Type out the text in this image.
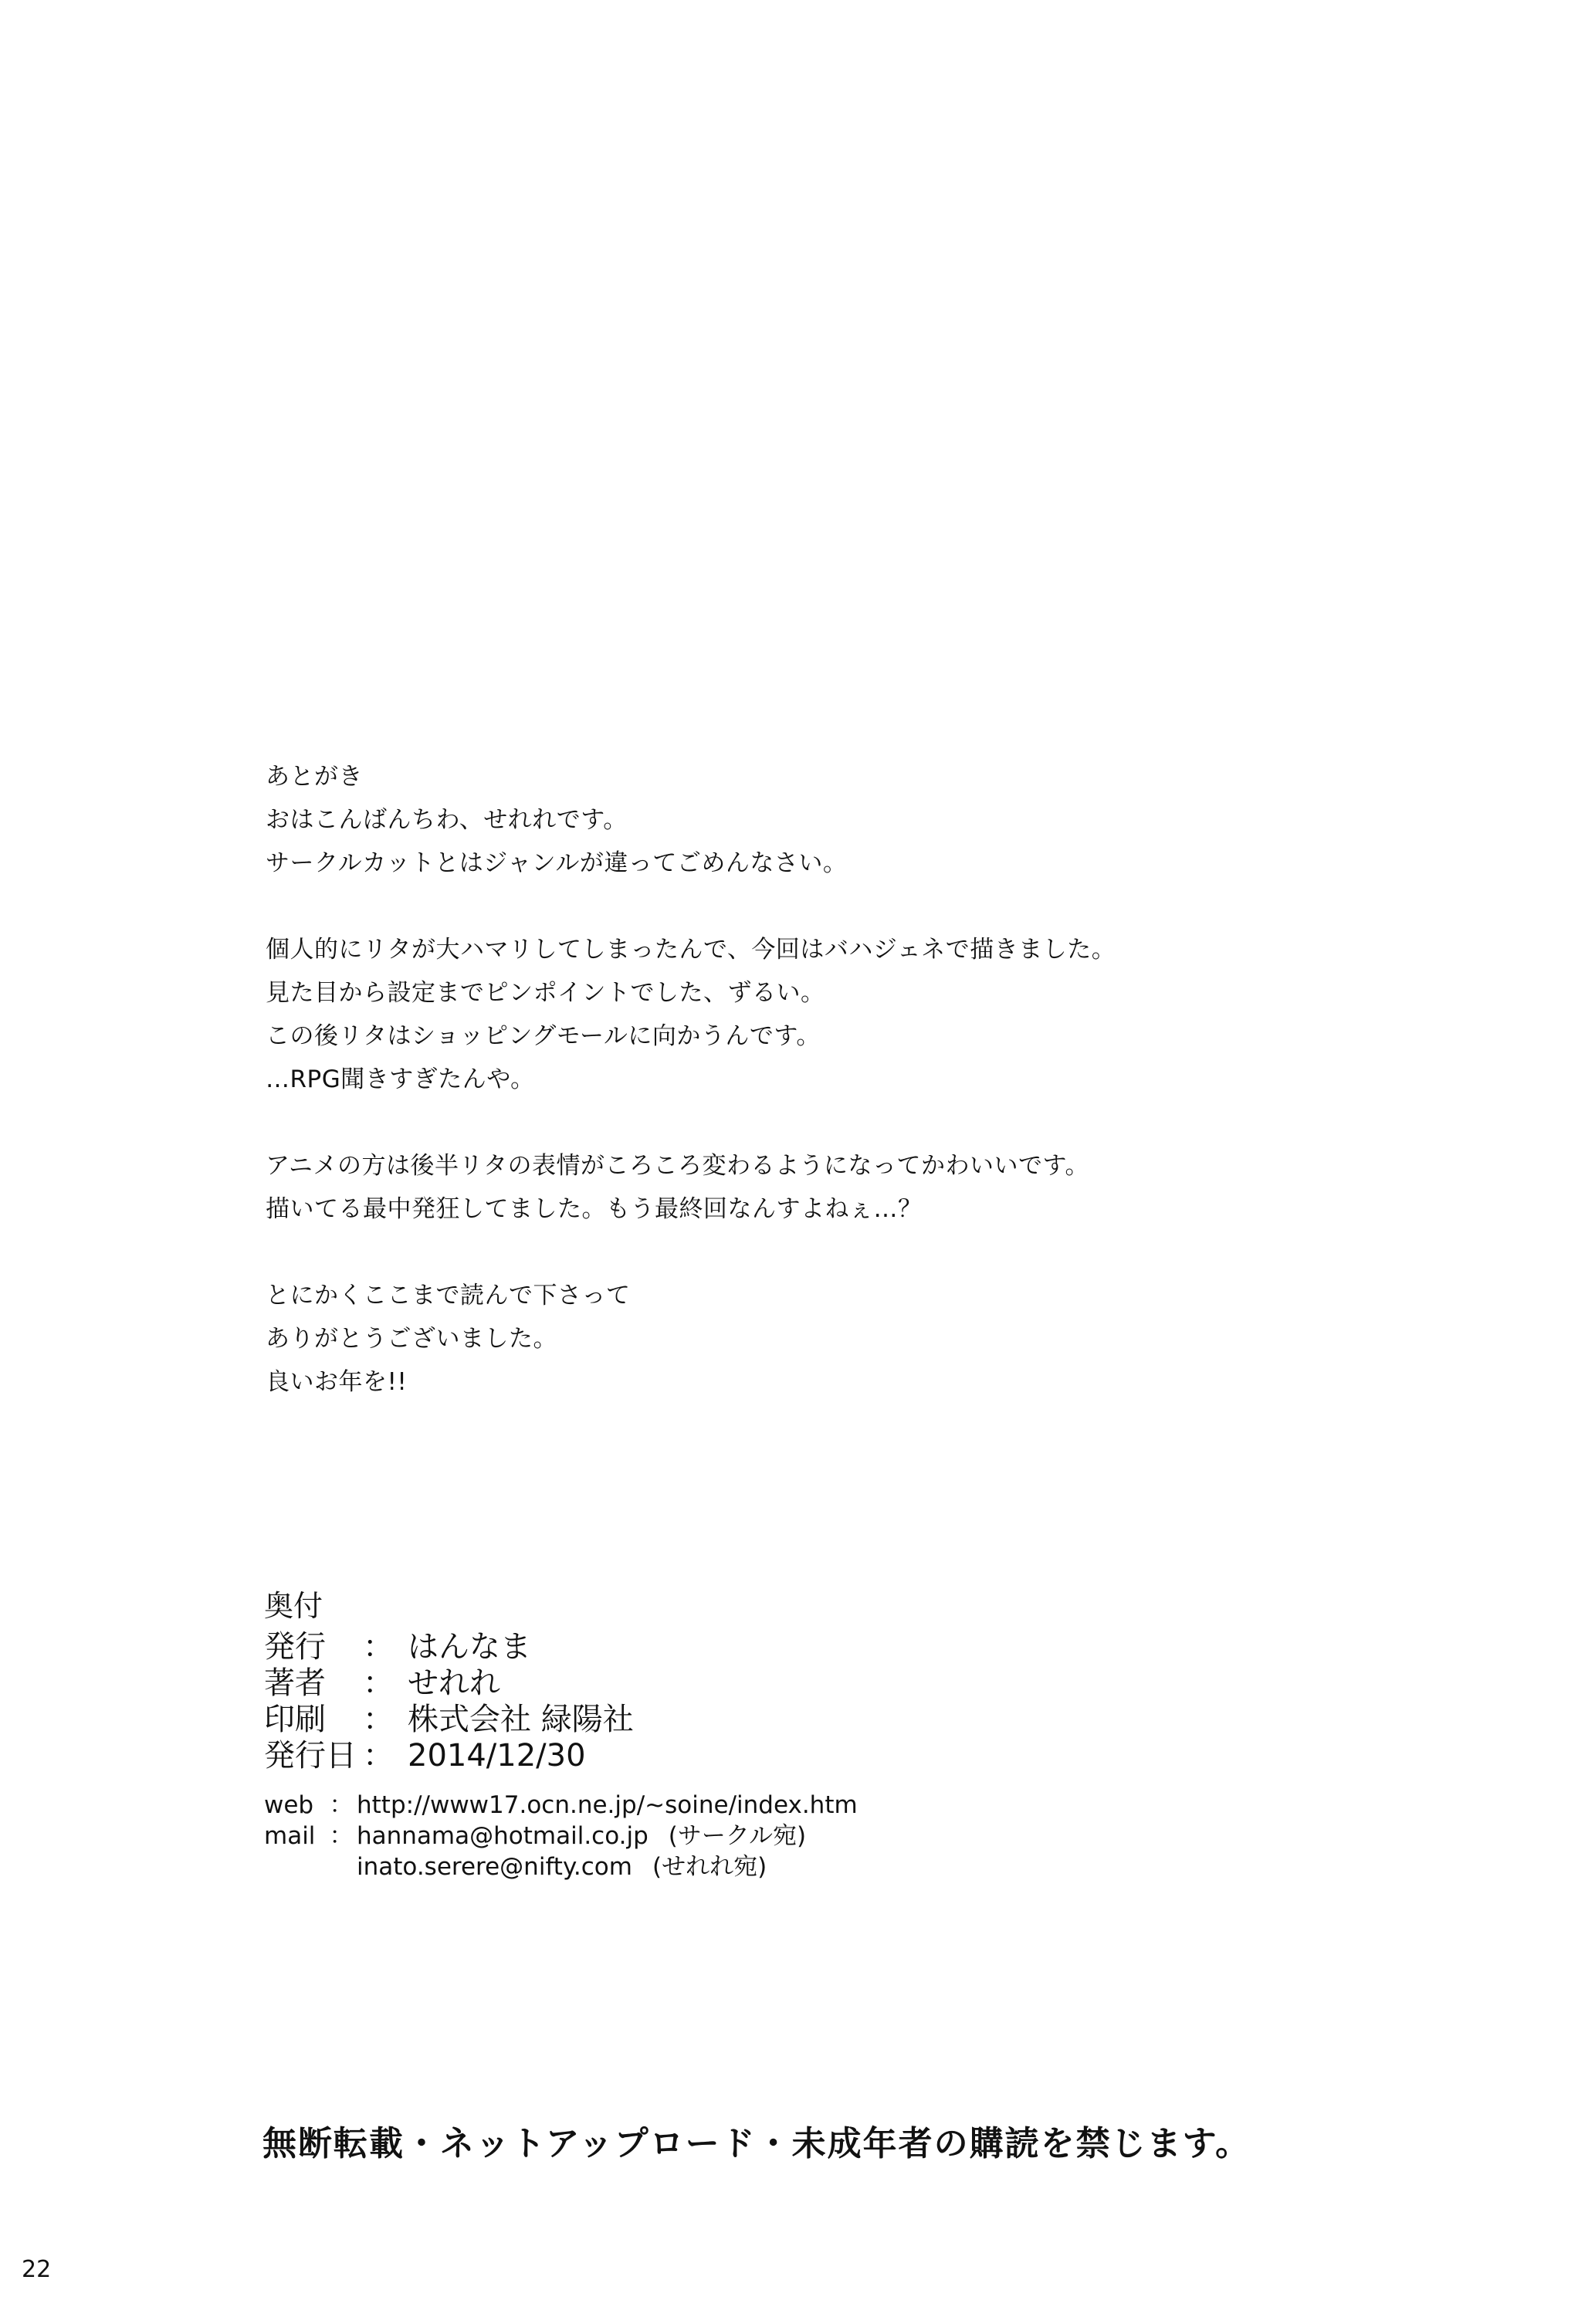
あとがき
おはこんばんちわ、せれれです。
サークルカットとはジャンルが違ってごめんなさい。
個人的にリタが大ハマリしてしまったんで、今回はバハジェネで描きました。
見た目から設定までピンポイントでした、ずるい。
この後リタはショッピングモールに向かうんです。
…RPG聞きすぎたんや。
アニメの方は後半リタの表情がころころ変わるようになってかわいいです。
描いてる最中発狂してました。もう最終回なんすよねぇ…？
とにかくここまで読んで下さって
ありがとうございました。
良いお年を!!
奥付
発行	： はんなま
著者	： せれれ
印刷	： 株式会社 緑陽社
発行日 ： 2014/12/30
web ： http://www17.ocn.ne.jp/~soine/index.htm
mail ： hannama@hotmail.co.jp (サークル宛)
inato.serere@nifty.com (せれれ宛)
無断転載・ネットアップロード・未成年者の購読を禁じます。
22
